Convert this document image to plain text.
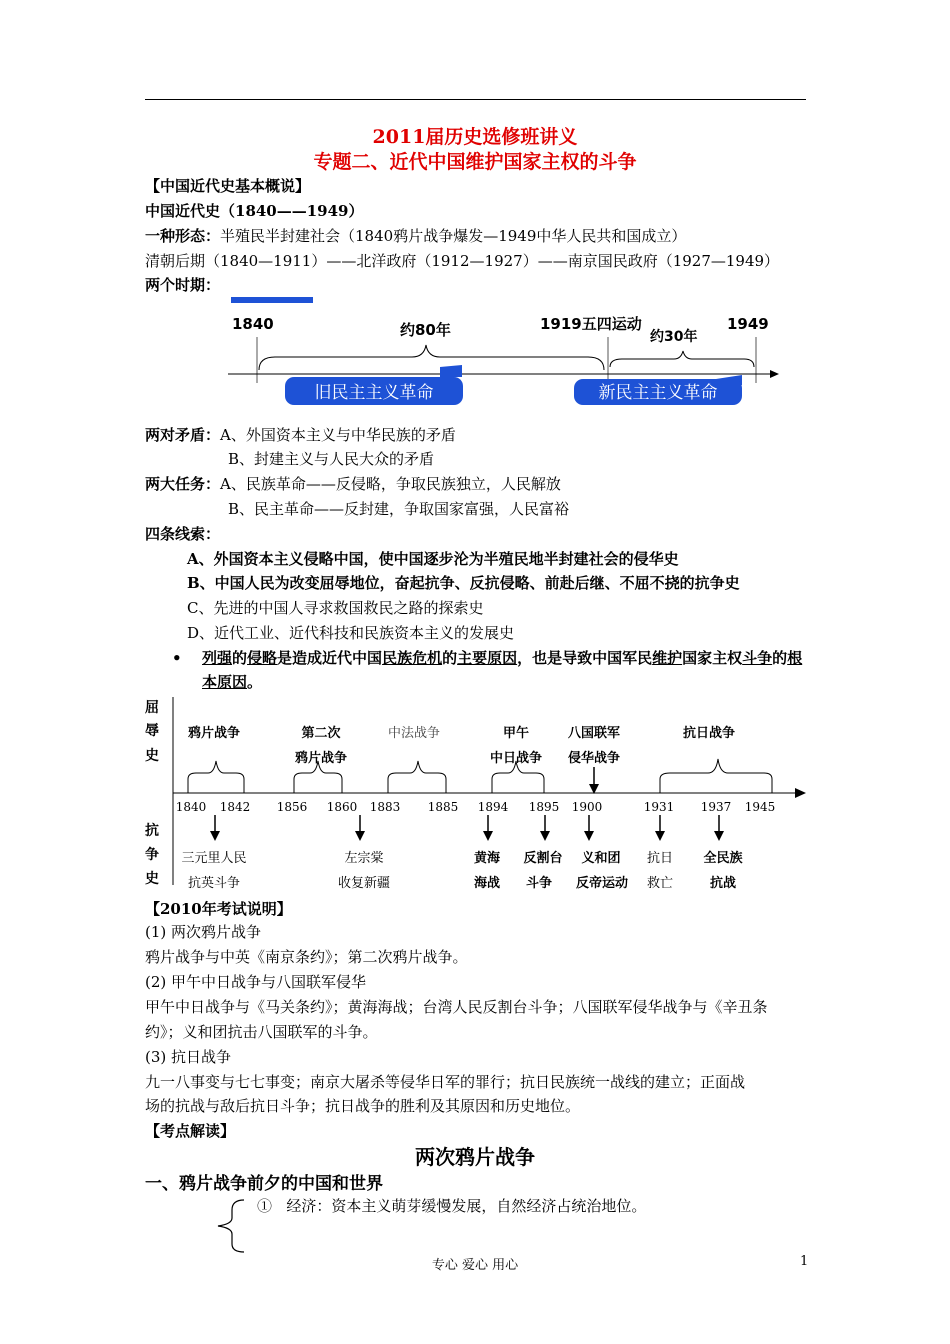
2011届历史选修班讲义
专题二、近代中国维护国家主权的斗争
【中国近代史基本概说】
中国近代史（1840——1949）
一种形态：半殖民半封建社会（1840鸦片战争爆发—1949中华人民共和国成立）
清朝后期（1840—1911）——北洋政府（1912—1927）——南京国民政府（1927—1949）
两个时期：
1840	约80年	1919五四运动
约30年
1949
旧民主主义革命	新民主主义革命
两对矛盾：A、外国资本主义与中华民族的矛盾
B、封建主义与人民大众的矛盾
两大任务：A、民族革命——反侵略，争取民族独立，人民解放
B、民主革命——反封建，争取国家富强，人民富裕
四条线索：
A、外国资本主义侵略中国，使中国逐步沦为半殖民地半封建社会的侵华史
B、中国人民为改变屈辱地位，奋起抗争、反抗侵略、前赴后继、不屈不挠的抗争史
C、先进的中国人寻求救国救民之路的探索史
D、近代工业、近代科技和民族资本主义的发展史
• 列强的侵略是造成近代中国民族危机的主要原因，也是导致中国军民维护国家主权斗争的根本原因。
屈
辱
史
抗
争
史
鸦片战争	第二次
鸦片战争
中法战争	甲午
中日战争
八国联军
侵华战争
抗日战争
1840 1842 1856 1860 1883 1885 1894 1895 1900	1931 1937 1945
三元里人民
抗英斗争
左宗棠
收复新疆
黄海
海战
反割台
斗争
义和团
反帝运动
抗日
救亡
全民族
抗战
【2010年考试说明】
(1) 两次鸦片战争
鸦片战争与中英《南京条约》；第二次鸦片战争。
(2) 甲午中日战争与八国联军侵华
甲午中日战争与《马关条约》；黄海海战；台湾人民反割台斗争；八国联军侵华战争与《辛丑条
约》；义和团抗击八国联军的斗争。
(3) 抗日战争
九一八事变与七七事变；南京大屠杀等侵华日军的罪行；抗日民族统一战线的建立；正面战
场的抗战与敌后抗日斗争；抗日战争的胜利及其原因和历史地位。
【考点解读】
两次鸦片战争
一、鸦片战争前夕的中国和世界
① 经济：资本主义萌芽缓慢发展，自然经济占统治地位。
专心 爱心 用心	1
